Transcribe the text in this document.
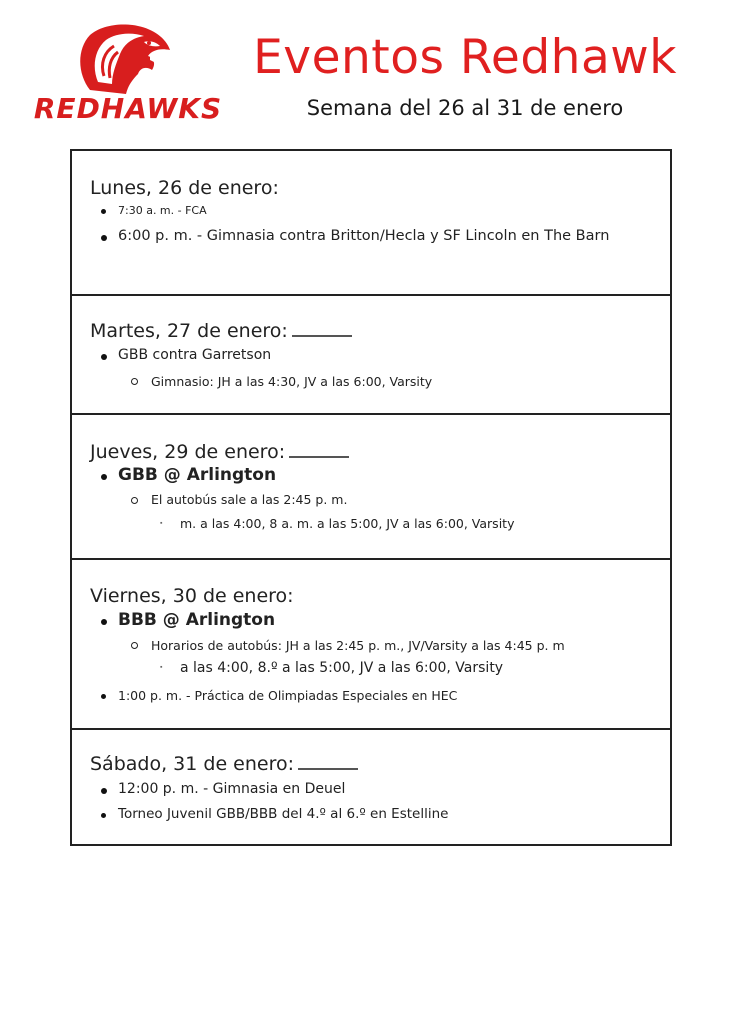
REDHAWKS
Eventos Redhawk
Semana del 26 al 31 de enero
Lunes, 26 de enero:
7:30 a. m. - FCA
6:00 p. m. - Gimnasia contra Britton/Hecla y SF Lincoln en The Barn
Martes, 27 de enero:
GBB contra Garretson
Gimnasio: JH a las 4:30, JV a las 6:00, Varsity
Jueves, 29 de enero:
GBB @ Arlington
El autobús sale a las 2:45 p. m.
▪ m. a las 4:00, 8 a. m. a las 5:00, JV a las 6:00, Varsity
Viernes, 30 de enero:
BBB @ Arlington
Horarios de autobús: JH a las 2:45 p. m., JV/Varsity a las 4:45 p. m
▪ a las 4:00, 8.º a las 5:00, JV a las 6:00, Varsity
1:00 p. m. - Práctica de Olimpiadas Especiales en HEC
Sábado, 31 de enero:
12:00 p. m. - Gimnasia en Deuel
Torneo Juvenil GBB/BBB del 4.º al 6.º en Estelline
